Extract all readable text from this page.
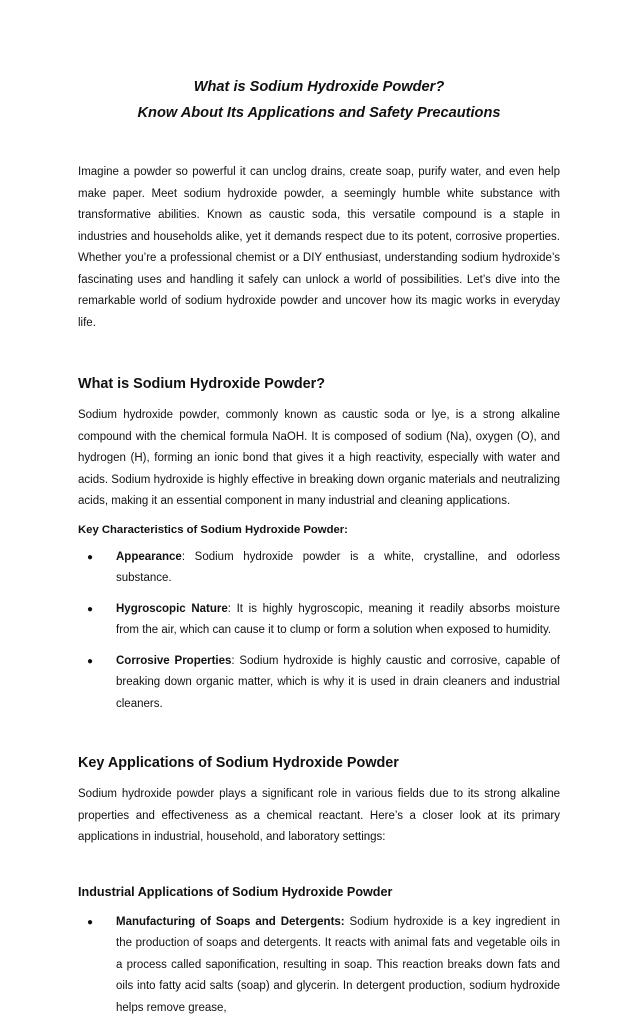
What is Sodium Hydroxide Powder?

Know About Its Applications and Safety Precautions

Imagine a powder so powerful it can unclog drains, create soap, purify water, and even help make paper. Meet sodium hydroxide powder, a seemingly humble white substance with transformative abilities. Known as caustic soda, this versatile compound is a staple in industries and households alike, yet it demands respect due to its potent, corrosive properties. Whether you’re a professional chemist or a DIY enthusiast, understanding sodium hydroxide’s fascinating uses and handling it safely can unlock a world of possibilities. Let’s dive into the remarkable world of sodium hydroxide powder and uncover how its magic works in everyday life.

What is Sodium Hydroxide Powder?

Sodium hydroxide powder, commonly known as caustic soda or lye, is a strong alkaline compound with the chemical formula NaOH. It is composed of sodium (Na), oxygen (O), and hydrogen (H), forming an ionic bond that gives it a high reactivity, especially with water and acids. Sodium hydroxide is highly effective in breaking down organic materials and neutralizing acids, making it an essential component in many industrial and cleaning applications.

Key Characteristics of Sodium Hydroxide Powder:
● Appearance: Sodium hydroxide powder is a white, crystalline, and odorless substance.
● Hygroscopic Nature: It is highly hygroscopic, meaning it readily absorbs moisture from the air, which can cause it to clump or form a solution when exposed to humidity.
● Corrosive Properties: Sodium hydroxide is highly caustic and corrosive, capable of breaking down organic matter, which is why it is used in drain cleaners and industrial cleaners.
Key Applications of Sodium Hydroxide Powder

Sodium hydroxide powder plays a significant role in various fields due to its strong alkaline properties and effectiveness as a chemical reactant. Here’s a closer look at its primary applications in industrial, household, and laboratory settings:

Industrial Applications of Sodium Hydroxide Powder
● Manufacturing of Soaps and Detergents: Sodium hydroxide is a key ingredient in the production of soaps and detergents. It reacts with animal fats and vegetable oils in a process called saponification, resulting in soap. This reaction breaks down fats and oils into fatty acid salts (soap) and glycerin. In detergent production, sodium hydroxide helps remove grease,
